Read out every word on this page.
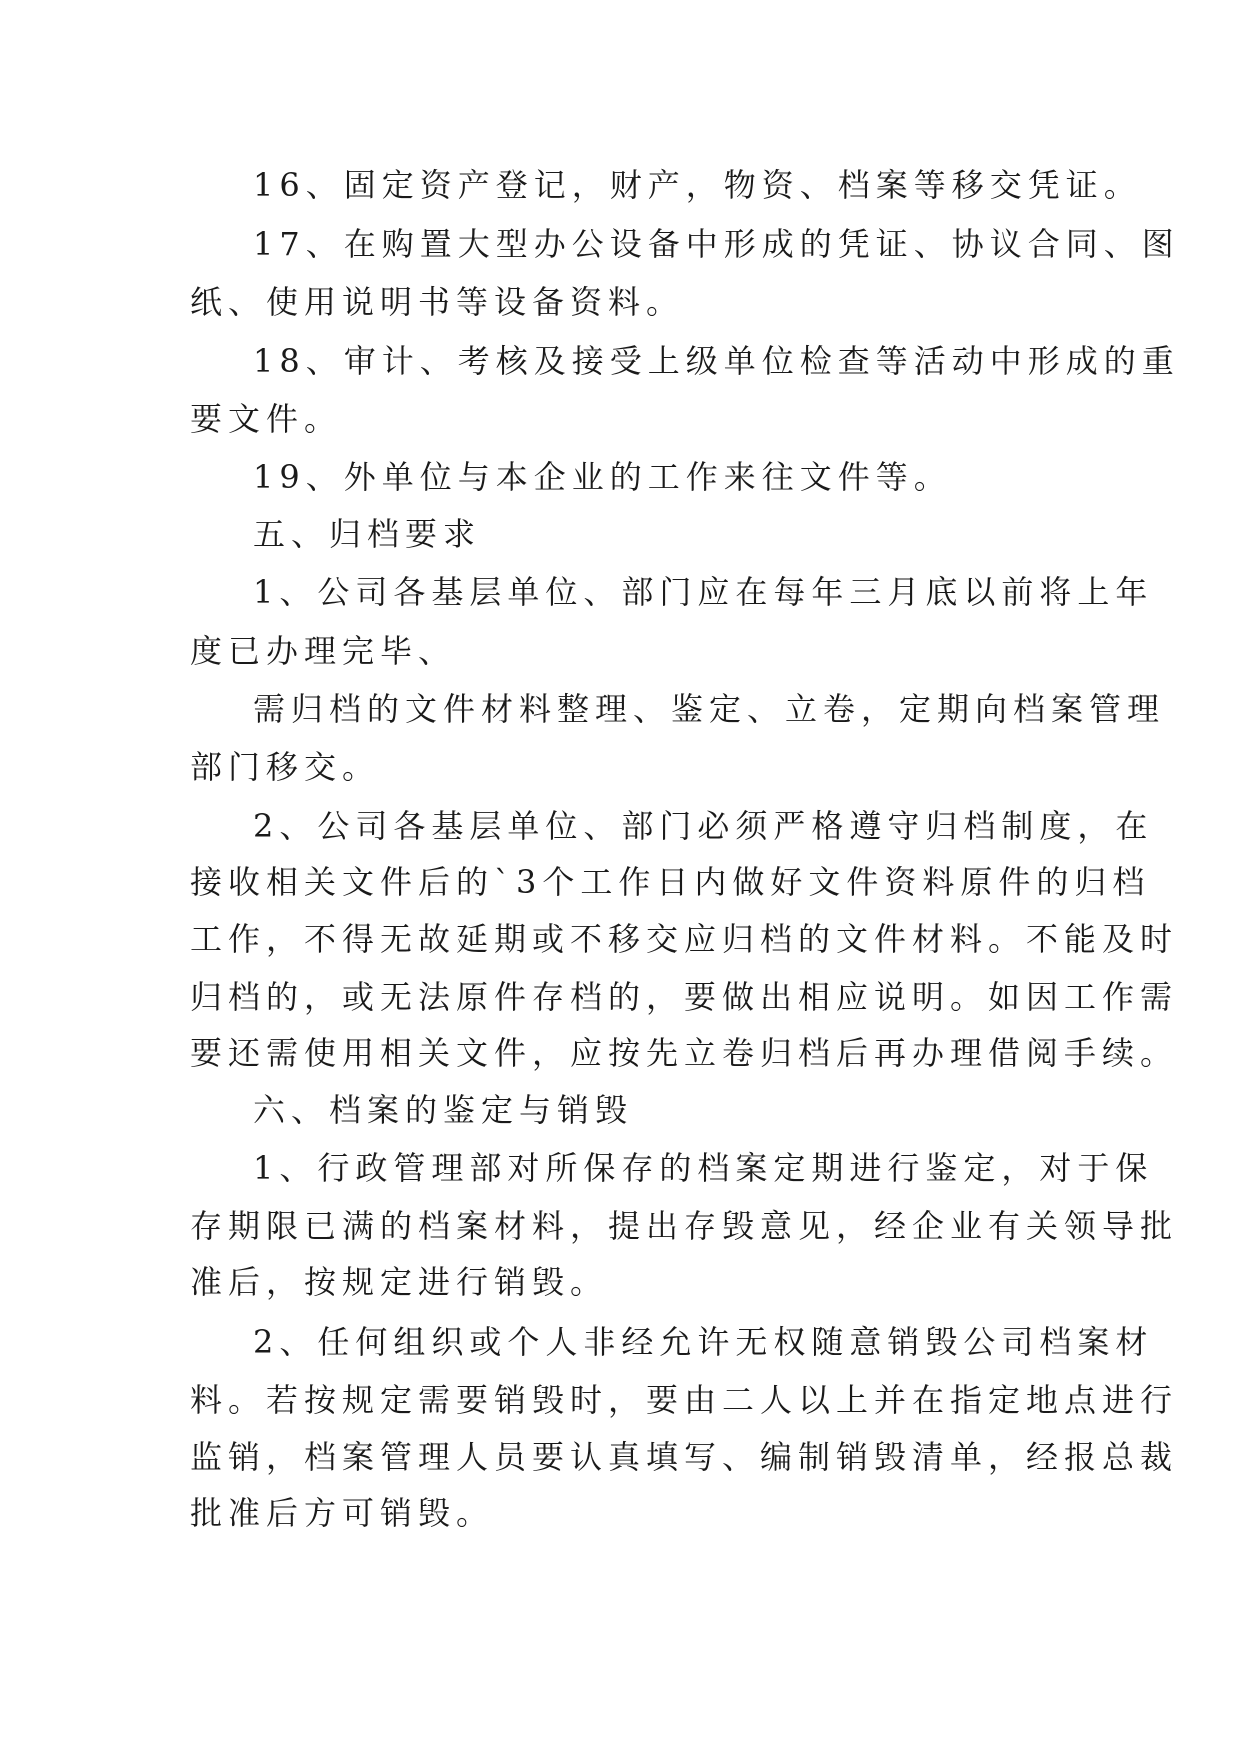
16、固定资产登记，财产，物资、档案等移交凭证。
17、在购置大型办公设备中形成的凭证、协议合同、图
纸、使用说明书等设备资料。
18、审计、考核及接受上级单位检查等活动中形成的重
要文件。
19、外单位与本企业的工作来往文件等。
五、归档要求
1、公司各基层单位、部门应在每年三月底以前将上年
度已办理完毕、
需归档的文件材料整理、鉴定、立卷，定期向档案管理
部门移交。
2、公司各基层单位、部门必须严格遵守归档制度，在
接收相关文件后的`3个工作日内做好文件资料原件的归档
工作，不得无故延期或不移交应归档的文件材料。不能及时
归档的，或无法原件存档的，要做出相应说明。如因工作需
要还需使用相关文件，应按先立卷归档后再办理借阅手续。
六、档案的鉴定与销毁
1、行政管理部对所保存的档案定期进行鉴定，对于保
存期限已满的档案材料，提出存毁意见，经企业有关领导批
准后，按规定进行销毁。
2、任何组织或个人非经允许无权随意销毁公司档案材
料。若按规定需要销毁时，要由二人以上并在指定地点进行
监销，档案管理人员要认真填写、编制销毁清单，经报总裁
批准后方可销毁。
